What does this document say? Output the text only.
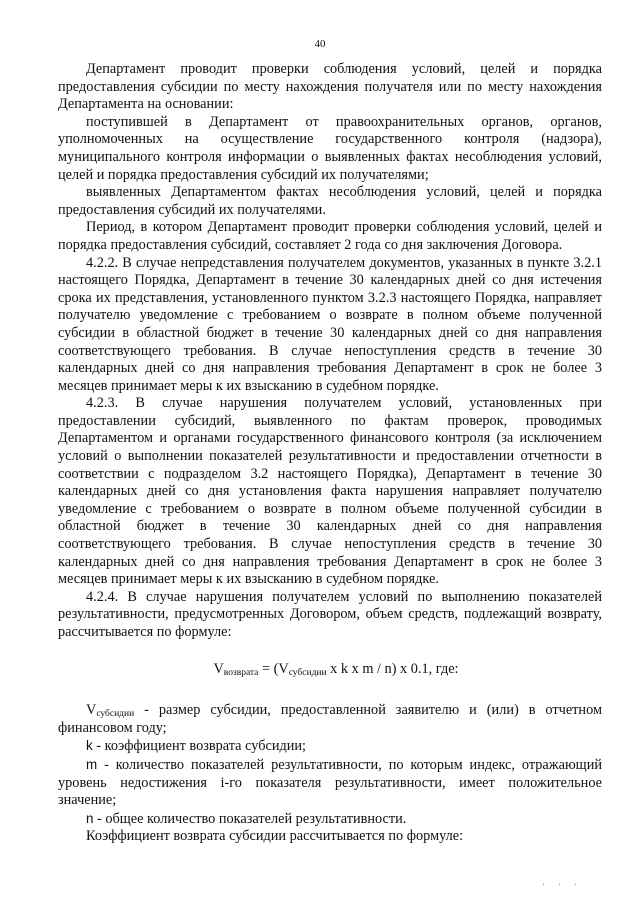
40

Департамент проводит проверки соблюдения условий, целей и порядка предоставления субсидии по месту нахождения получателя или по месту нахождения Департамента на основании:

поступившей в Департамент от правоохранительных органов, органов, уполномоченных на осуществление государственного контроля (надзора), муниципального контроля информации о выявленных фактах несоблюдения условий, целей и порядка предоставления субсидий их получателями;

выявленных Департаментом фактах несоблюдения условий, целей и порядка предоставления субсидий их получателями.

Период, в котором Департамент проводит проверки соблюдения условий, целей и порядка предоставления субсидий, составляет 2 года со дня заключения Договора.

4.2.2. В случае непредставления получателем документов, указанных в пункте 3.2.1 настоящего Порядка, Департамент в течение 30 календарных дней со дня истечения срока их представления, установленного пунктом 3.2.3 настоящего Порядка, направляет получателю уведомление с требованием о возврате в полном объеме полученной субсидии в областной бюджет в течение 30 календарных дней со дня направления соответствующего требования. В случае непоступления средств в течение 30 календарных дней со дня направления требования Департамент в срок не более 3 месяцев принимает меры к их взысканию в судебном порядке.

4.2.3. В случае нарушения получателем условий, установленных при предоставлении субсидий, выявленного по фактам проверок, проводимых Департаментом и органами государственного финансового контроля (за исключением условий о выполнении показателей результативности и предоставлении отчетности в соответствии с подразделом 3.2 настоящего Порядка), Департамент в течение 30 календарных дней со дня установления факта нарушения направляет получателю уведомление с требованием о возврате в полном объеме полученной субсидии в областной бюджет в течение 30 календарных дней со дня направления соответствующего требования. В случае непоступления средств в течение 30 календарных дней со дня направления требования Департамент в срок не более 3 месяцев принимает меры к их взысканию в судебном порядке.

4.2.4. В случае нарушения получателем условий по выполнению показателей результативности, предусмотренных Договором, объем средств, подлежащий возврату, рассчитывается по формуле:

$V_{возврата} = (V_{субсидии}$ x k x m / n) x 0.1, где:

$V_{субсидии}$ - размер субсидии, предоставленной заявителю и (или) в отчетном финансовом году;

k - коэффициент возврата субсидии;

m - количество показателей результативности, по которым индекс, отражающий уровень недостижения i-го показателя результативности, имеет положительное значение;

n - общее количество показателей результативности.

Коэффициент возврата субсидии рассчитывается по формуле:

' ' '
